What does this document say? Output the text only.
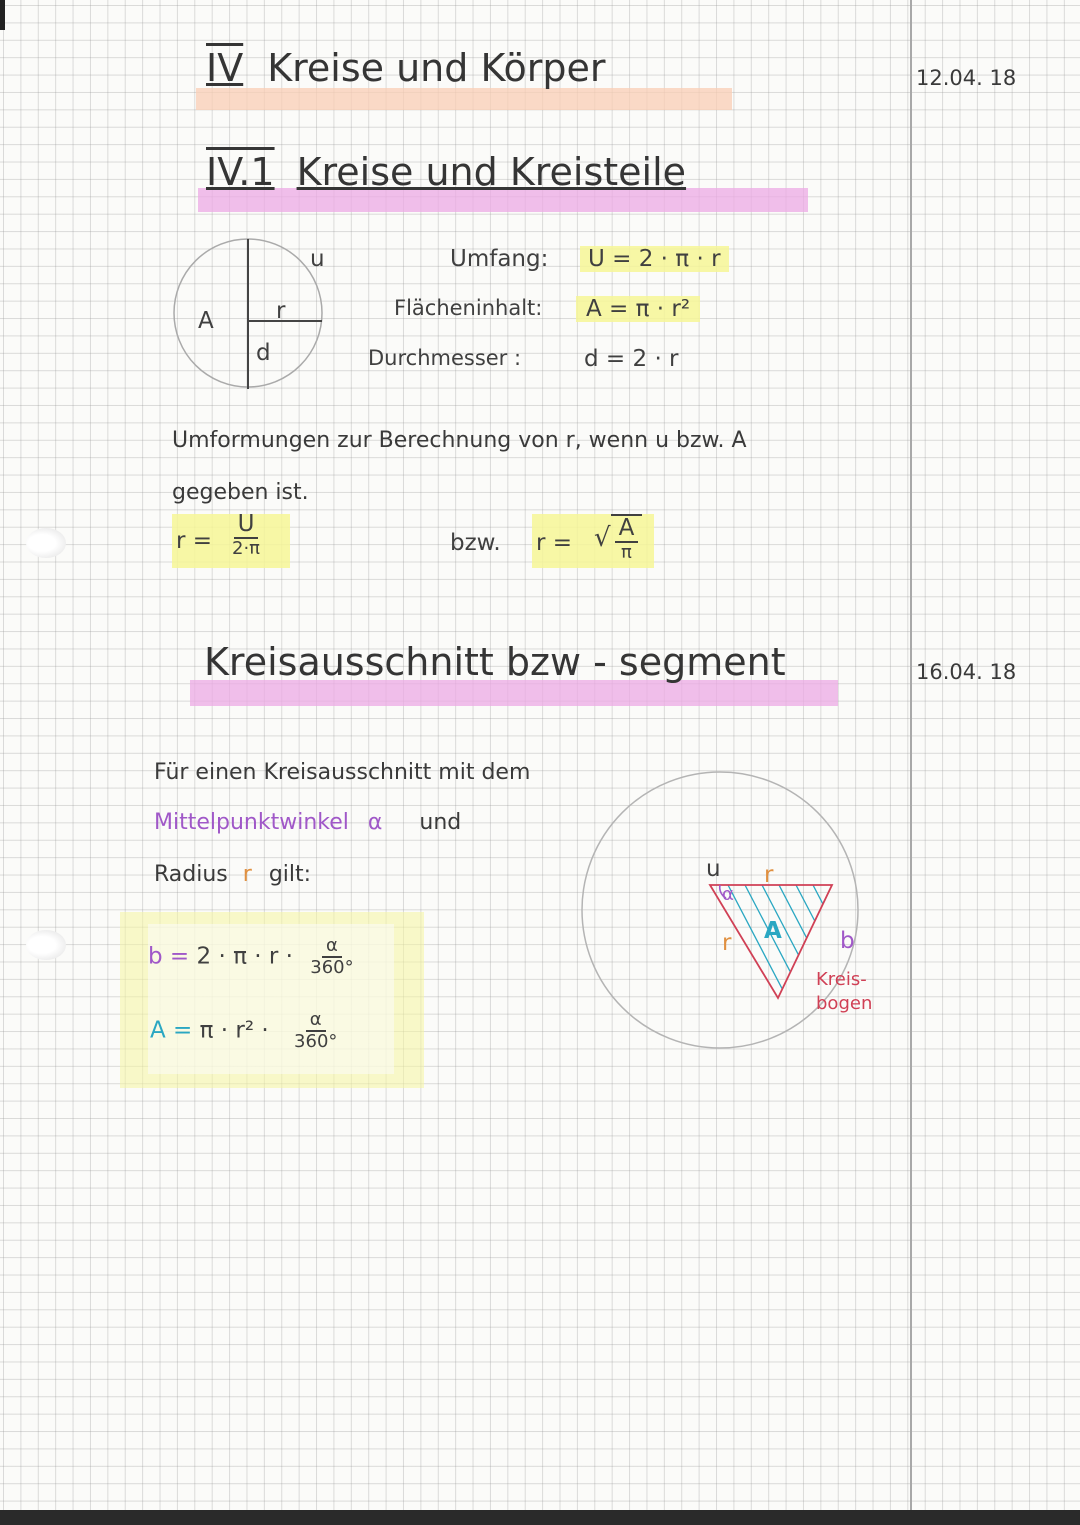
12.04. 18
16.04. 18
IV Kreise und Körper
IV.1 Kreise und Kreisteile
u
A	r
d
Umfang:	U = 2 · π · r
Flächeninhalt:	A = π · r²
Durchmesser :	d = 2 · r
Umformungen zur Berechnung von r, wenn u bzw. A
gegeben ist.
r =
U
2·π	bzw. r = √ $\frac{A}{\pi}$
Kreisausschnitt bzw - segment
Für einen Kreisausschnitt mit dem
Mittelpunktwinkel α und
Radius r gilt:
$b = 2 \cdot \pi \cdot r \cdot \frac{\alpha}{360^\circ}$
$A = \pi \cdot r^2 \cdot \frac{\alpha}{360^\circ}$
u
α
r
r A	b
Kreis-
bogen
